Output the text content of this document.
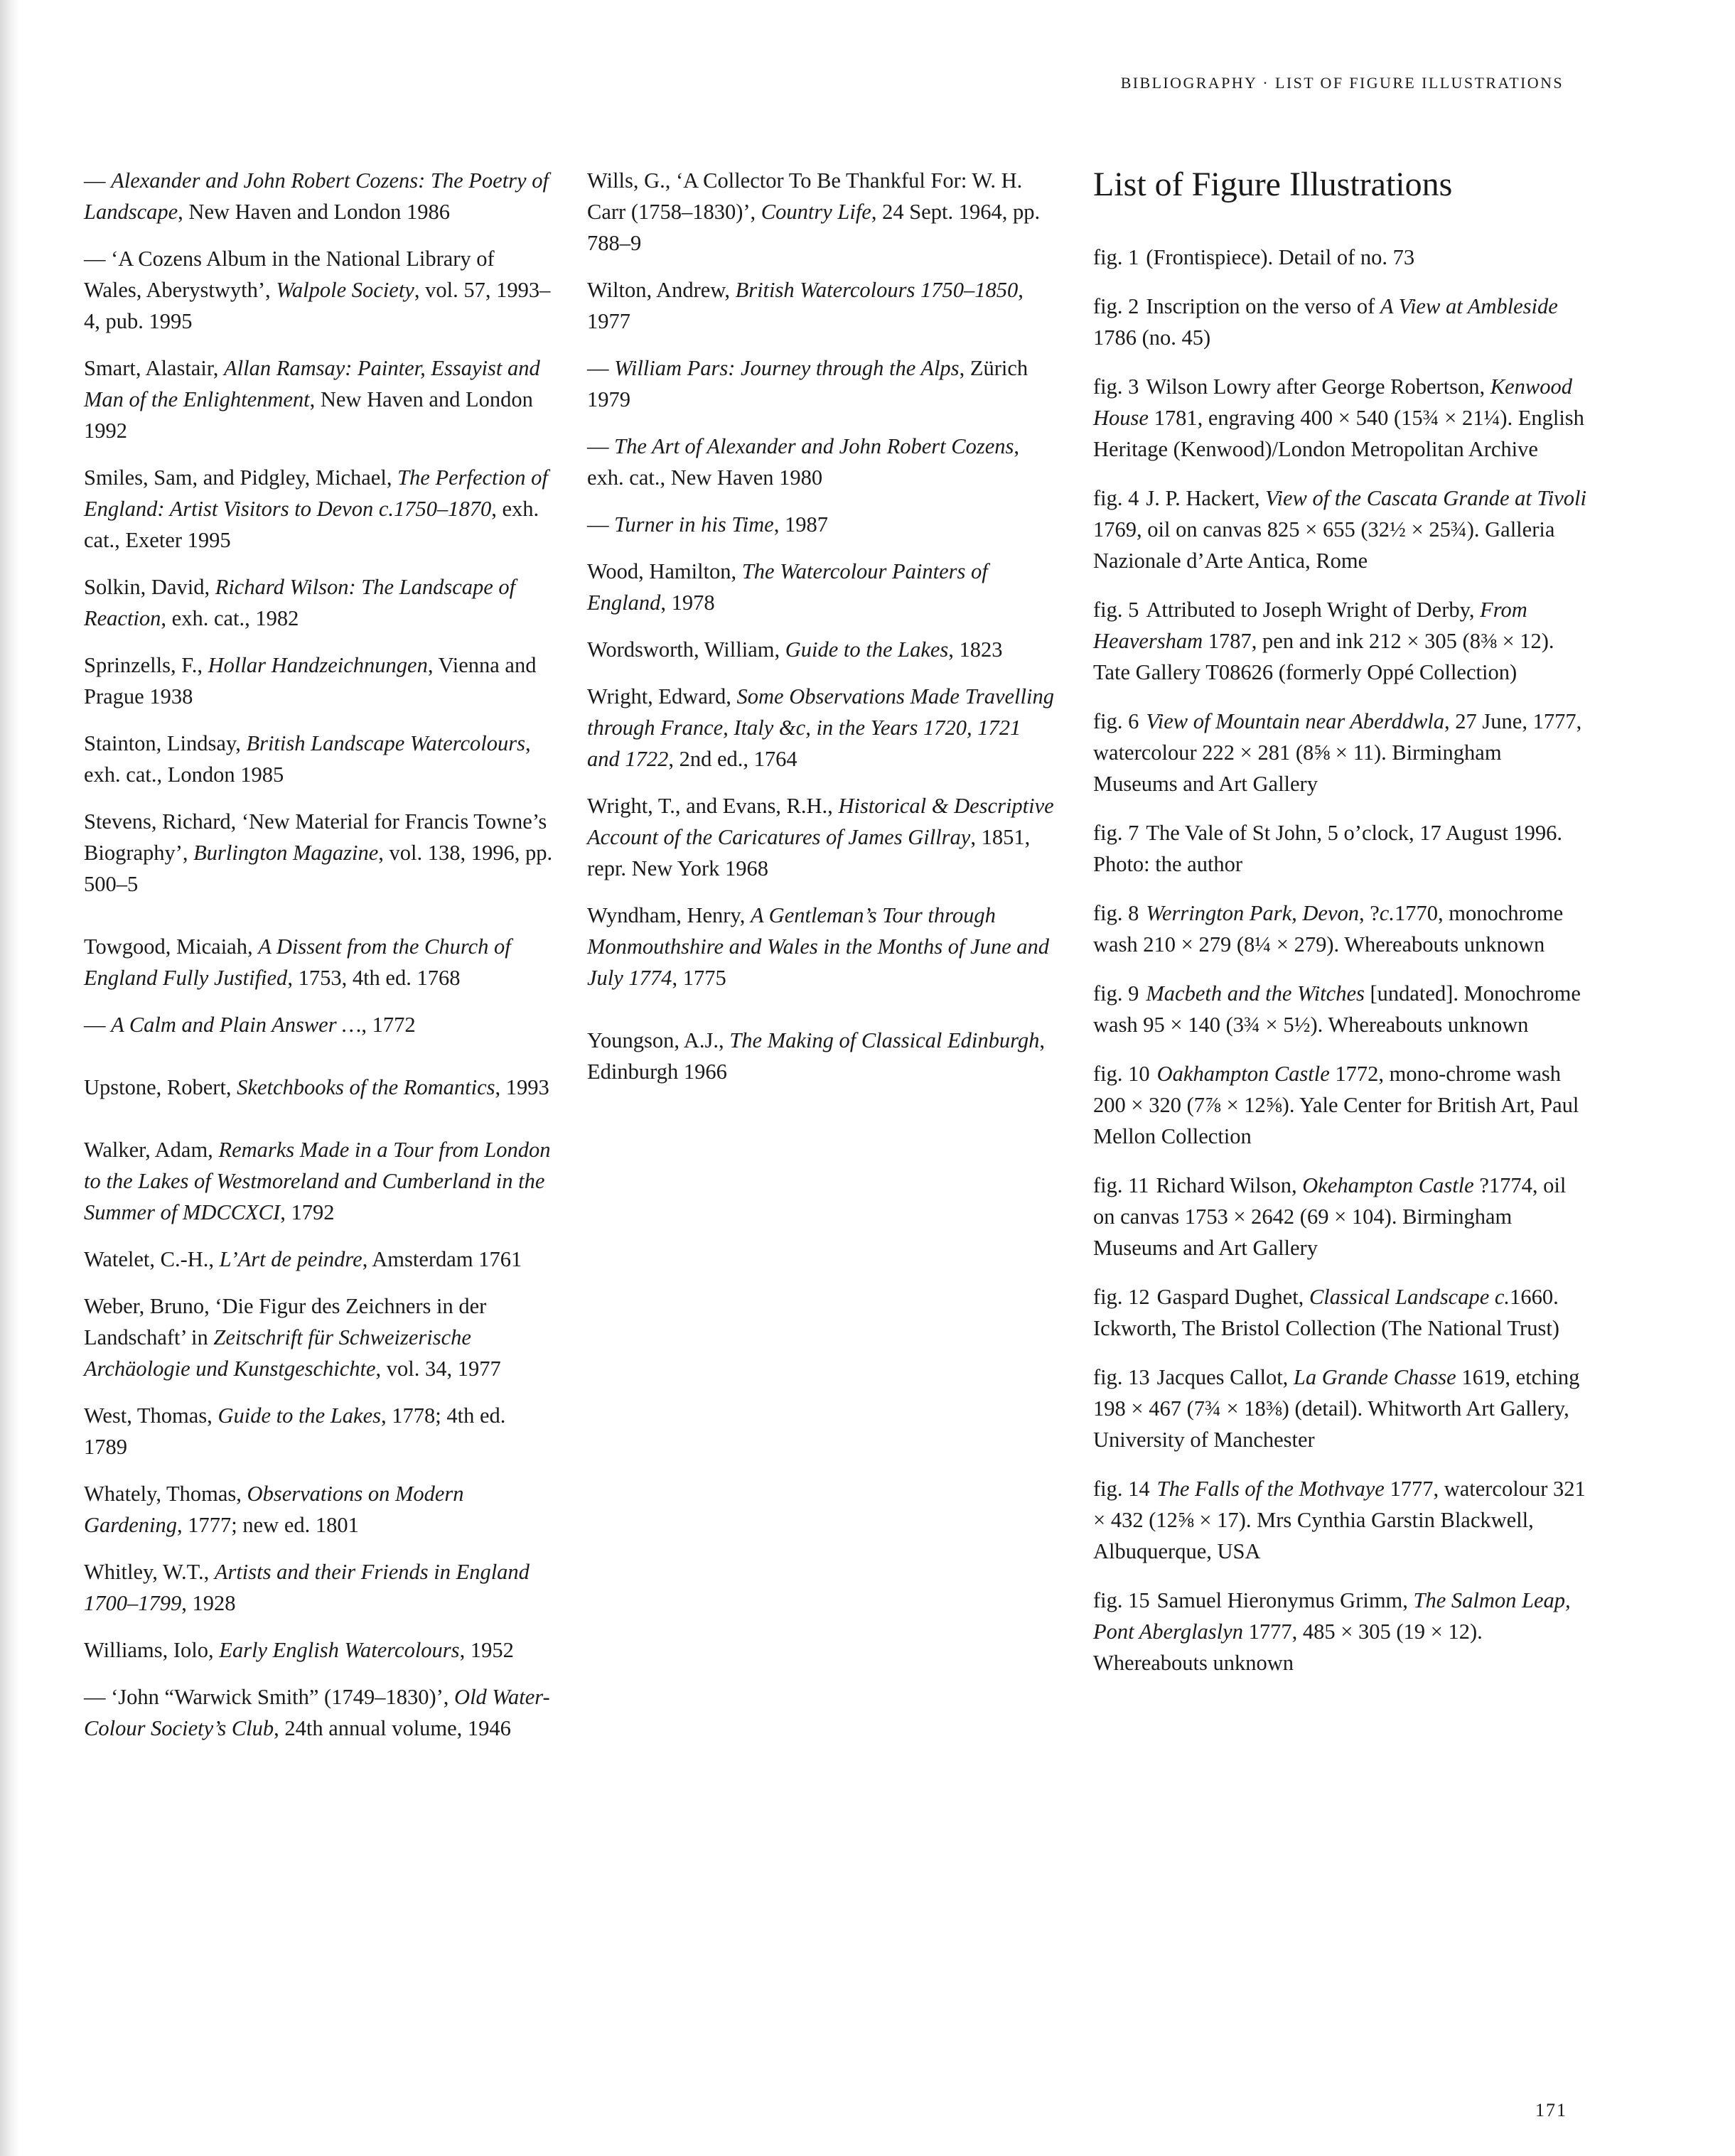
BIBLIOGRAPHY · LIST OF FIGURE ILLUSTRATIONS

— Alexander and John Robert Cozens: The Poetry of Landscape, New Haven and London 1986

— ‘A Cozens Album in the National Library of Wales, Aberystwyth’, Walpole Society, vol. 57, 1993–4, pub. 1995

Smart, Alastair, Allan Ramsay: Painter, Essayist and Man of the Enlightenment, New Haven and London 1992

Smiles, Sam, and Pidgley, Michael, The Perfection of England: Artist Visitors to Devon c.1750–1870, exh. cat., Exeter 1995

Solkin, David, Richard Wilson: The Landscape of Reaction, exh. cat., 1982

Sprinzells, F., Hollar Handzeichnungen, Vienna and Prague 1938

Stainton, Lindsay, British Landscape Watercolours, exh. cat., London 1985

Stevens, Richard, ‘New Material for Francis Towne’s Biography’, Burlington Magazine, vol. 138, 1996, pp. 500–5

Towgood, Micaiah, A Dissent from the Church of England Fully Justified, 1753, 4th ed. 1768

— A Calm and Plain Answer …, 1772

Upstone, Robert, Sketchbooks of the Romantics, 1993

Walker, Adam, Remarks Made in a Tour from London to the Lakes of Westmoreland and Cumberland in the Summer of MDCCXCI, 1792

Watelet, C.-H., L’Art de peindre, Amsterdam 1761

Weber, Bruno, ‘Die Figur des Zeichners in der Landschaft’ in Zeitschrift für Schweizerische Archäologie und Kunstgeschichte, vol. 34, 1977

West, Thomas, Guide to the Lakes, 1778; 4th ed. 1789

Whately, Thomas, Observations on Modern Gardening, 1777; new ed. 1801

Whitley, W.T., Artists and their Friends in England 1700–1799, 1928

Williams, Iolo, Early English Watercolours, 1952

— ‘John “Warwick Smith” (1749–1830)’, Old Water-Colour Society’s Club, 24th annual volume, 1946

Wills, G., ‘A Collector To Be Thankful For: W. H. Carr (1758–1830)’, Country Life, 24 Sept. 1964, pp. 788–9

Wilton, Andrew, British Watercolours 1750–1850, 1977

— William Pars: Journey through the Alps, Zürich 1979

— The Art of Alexander and John Robert Cozens, exh. cat., New Haven 1980

— Turner in his Time, 1987

Wood, Hamilton, The Watercolour Painters of England, 1978

Wordsworth, William, Guide to the Lakes, 1823

Wright, Edward, Some Observations Made Travelling through France, Italy &c, in the Years 1720, 1721 and 1722, 2nd ed., 1764

Wright, T., and Evans, R.H., Historical & Descriptive Account of the Caricatures of James Gillray, 1851, repr. New York 1968

Wyndham, Henry, A Gentleman’s Tour through Monmouthshire and Wales in the Months of June and July 1774, 1775

Youngson, A.J., The Making of Classical Edinburgh, Edinburgh 1966

List of Figure Illustrations

fig. 1 (Frontispiece). Detail of no. 73

fig. 2 Inscription on the verso of A View at Ambleside 1786 (no. 45)

fig. 3 Wilson Lowry after George Robertson, Kenwood House 1781, engraving 400 × 540 (15¾ × 21¼). English Heritage (Kenwood)/London Metropolitan Archive

fig. 4 J. P. Hackert, View of the Cascata Grande at Tivoli 1769, oil on canvas 825 × 655 (32½ × 25¾). Galleria Nazionale d’Arte Antica, Rome

fig. 5 Attributed to Joseph Wright of Derby, From Heaversham 1787, pen and ink 212 × 305 (8⅜ × 12). Tate Gallery T08626 (formerly Oppé Collection)

fig. 6 View of Mountain near Aberddwla, 27 June, 1777, watercolour 222 × 281 (8⅝ × 11). Birmingham Museums and Art Gallery

fig. 7 The Vale of St John, 5 o’clock, 17 August 1996. Photo: the author

fig. 8 Werrington Park, Devon, ?c.1770, monochrome wash 210 × 279 (8¼ × 279). Whereabouts unknown

fig. 9 Macbeth and the Witches [undated]. Monochrome wash 95 × 140 (3¾ × 5½). Whereabouts unknown

fig. 10 Oakhampton Castle 1772, mono-chrome wash 200 × 320 (7⅞ × 12⅝). Yale Center for British Art, Paul Mellon Collection

fig. 11 Richard Wilson, Okehampton Castle ?1774, oil on canvas 1753 × 2642 (69 × 104). Birmingham Museums and Art Gallery

fig. 12 Gaspard Dughet, Classical Landscape c.1660. Ickworth, The Bristol Collection (The National Trust)

fig. 13 Jacques Callot, La Grande Chasse 1619, etching 198 × 467 (7¾ × 18⅜) (detail). Whitworth Art Gallery, University of Manchester

fig. 14 The Falls of the Mothvaye 1777, watercolour 321 × 432 (12⅝ × 17). Mrs Cynthia Garstin Blackwell, Albuquerque, USA

fig. 15 Samuel Hieronymus Grimm, The Salmon Leap, Pont Aberglaslyn 1777, 485 × 305 (19 × 12). Whereabouts unknown

171
